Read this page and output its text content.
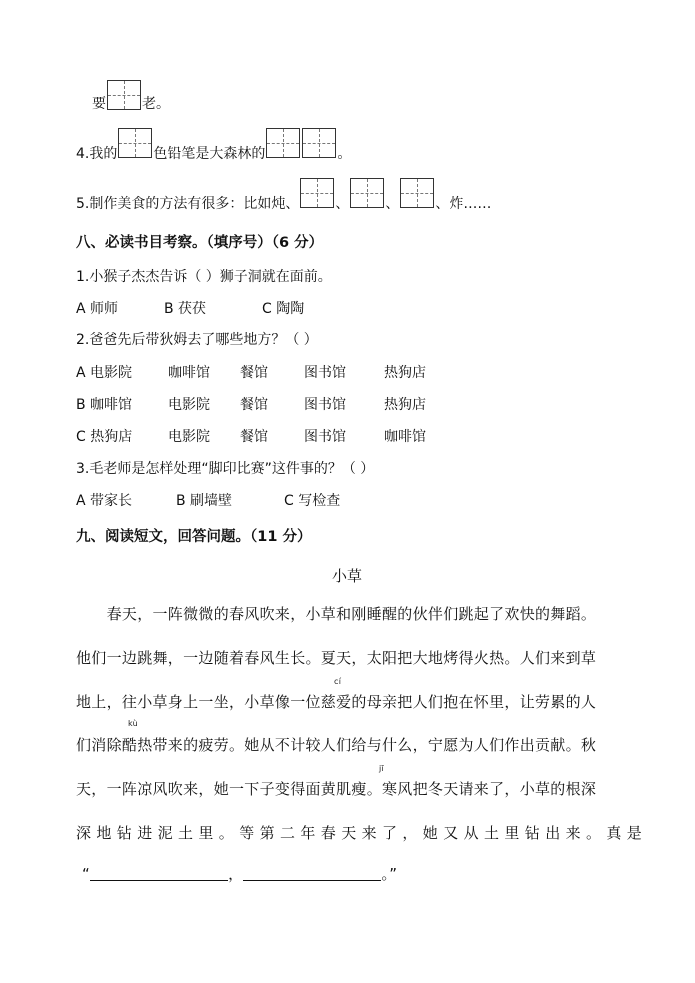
要	老。
4.我的	色铅笔是大森林的	。
5.制作美食的方法有很多：比如炖、	、	、	、炸……
八、必读书目考察。（填序号）（6 分）
1.小猴子杰杰告诉（ ）狮子洞就在面前。
A 师师	B 茯茯	C 陶陶
2.爸爸先后带狄姆去了哪些地方？（ ）
A 电影院	咖啡馆 餐馆	图书馆	热狗店
B 咖啡馆	电影院 餐馆	图书馆	热狗店
C 热狗店	电影院 餐馆	图书馆	咖啡馆
3.毛老师是怎样处理“脚印比赛”这件事的？（ ）
A 带家长	B 刷墙壁	C 写检查
九、阅读短文，回答问题。（11 分）
小草
　　春天，一阵微微的春风吹来，小草和刚睡醒的伙伴们跳起了欢快的舞蹈。
他们一边跳舞，一边随着春风生长。夏天，太阳把大地烤得火热。人们来到草
cí
地上，往小草身上一坐，小草像一位慈爱的母亲把人们抱在怀里，让劳累的人
kù
们消除酷热带来的疲劳。她从不计较人们给与什么，宁愿为人们作出贡献。秋
jī
天，一阵凉风吹来，她一下子变得面黄肌瘦。寒风把冬天请来了，小草的根深
深地钻进泥土里。等第二年春天来了，她又从土里钻出来。真是
“	，	。”
